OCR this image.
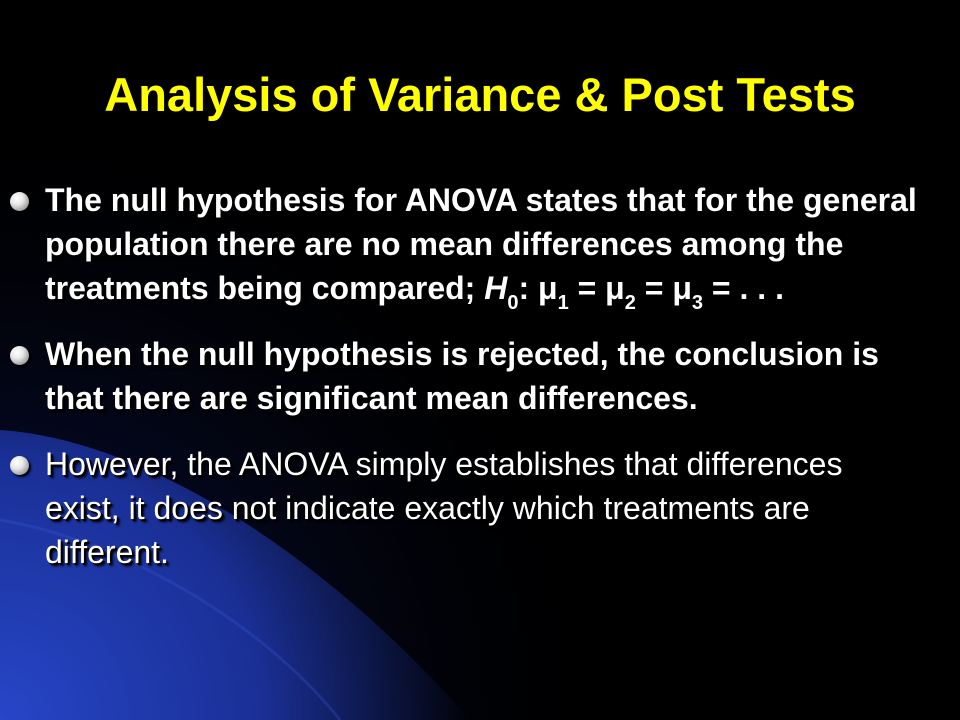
Analysis of Variance & Post Tests
The null hypothesis for ANOVA states that for the general population there are no mean differences among the treatments being compared; $H_0$: $\mu_1 = \mu_2 = \mu_3$ = . . .
When the null hypothesis is rejected, the conclusion is that there are significant mean differences.
However, the ANOVA simply establishes that differences exist, it does not indicate exactly which treatments are different.
